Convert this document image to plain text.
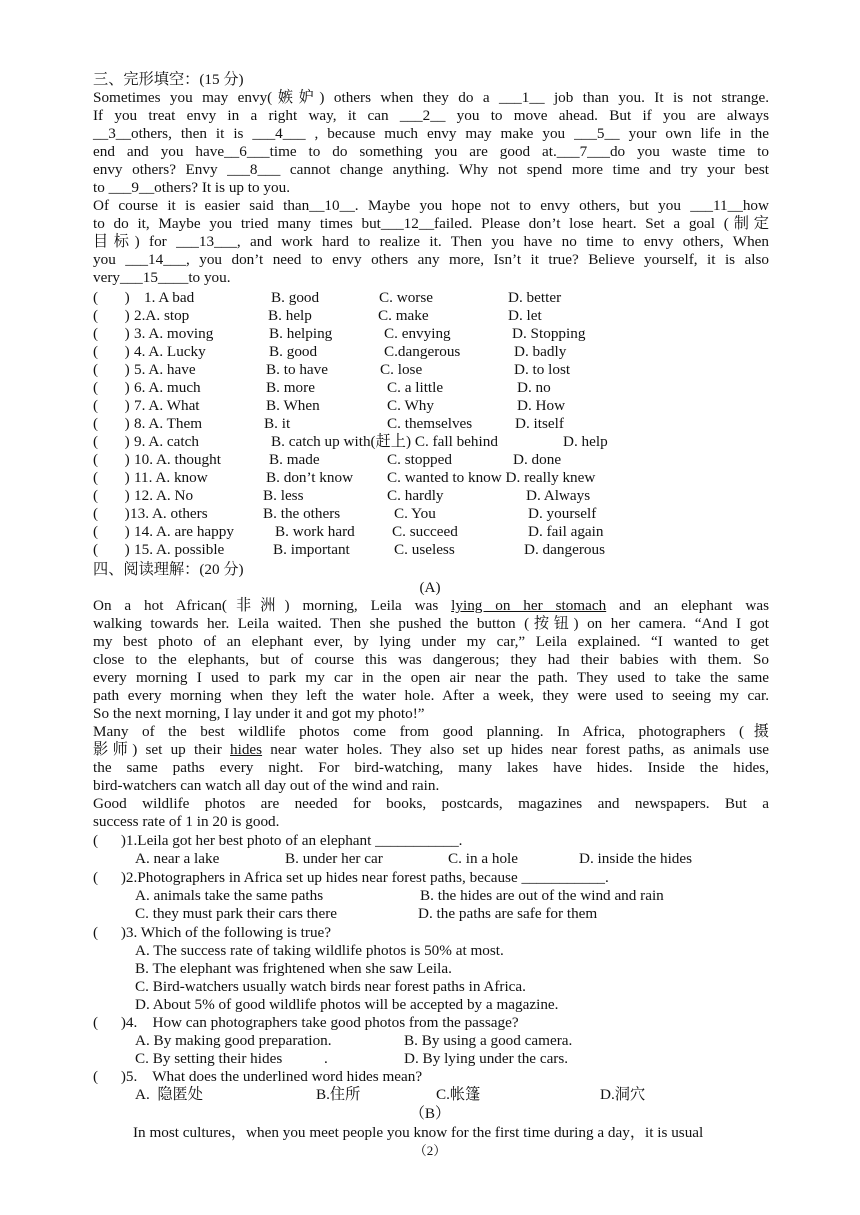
三、完形填空：(15 分)
Sometimes you may envy(嫉妒) others when they do a ___1__ job than you. It is not strange.
If you treat envy in a right way, it can ___2__ you to move ahead. But if you are always
__3__others, then it is ___4___ , because much envy may make you ___5__ your own life in the
end and you have__6___time to do something you are good at.___7___do you waste time to
envy others? Envy ___8___ cannot change anything. Why not spend more time and try your best
to ___9__others? It is up to you.
Of course it is easier said than__10__. Maybe you hope not to envy others, but you ___11__how
to do it, Maybe you tried many times but___12__failed. Please don’t lose heart. Set a goal (制定
目标) for ___13___, and work hard to realize it. Then you have no time to envy others, When
you ___14___, you don’t need to envy others any more, Isn’t it true? Believe yourself, it is also
very___15____to you.
(       ) 1. A bad	B. good	C. worse	D. better
(       ) 2.A. stop	B. help	C. make	D. let
(       ) 3. A. moving	B. helping	C. envying	D. Stopping
(       ) 4. A. Lucky	B. good	C.dangerous	D. badly
(       ) 5. A. have	B. to have	C. lose	D. to lost
(       ) 6. A. much	B. more	C. a little	D. no
(       ) 7. A. What	B. When	C. Why	D. How
(       ) 8. A. Them	B. it	C. themselves	D. itself
(       ) 9. A. catch	B. catch up with(赶上) C. fall behind	D. help
(       ) 10. A. thought	B. made	C. stopped	D. done
(       ) 11. A. know	B. don’t know C. wanted to know D. really knew
(       ) 12. A. No	B. less	C. hardly	D. Always
(       ) 13. A. others	B. the others	C. You	D. yourself
(       ) 14. A. are happy	B. work hard C. succeed	D. fail again
(       ) 15. A. possible	B. important	C. useless	D. dangerous
四、阅读理解：(20 分)
(A)
On a hot African(非洲) morning, Leila was lying on her stomach and an elephant was
walking towards her. Leila waited. Then she pushed the button (按钮) on her camera. “And I got
my best photo of an elephant ever, by lying under my car,” Leila explained. “I wanted to get
close to the elephants, but of course this was dangerous; they had their babies with them. So
every morning I used to park my car in the open air near the path. They used to take the same
path every morning when they left the water hole. After a week, they were used to seeing my car.
So the next morning, I lay under it and got my photo!”
Many of the best wildlife photos come from good planning. In Africa, photographers (摄
影师) set up their hides near water holes. They also set up hides near forest paths, as animals use
the same paths every night. For bird-watching, many lakes have hides. Inside the hides,
bird-watchers can watch all day out of the wind and rain.
Good wildlife photos are needed for books, postcards, magazines and newspapers. But a
success rate of 1 in 20 is good.
(      )1.Leila got her best photo of an elephant ___________.
A. near a lake	B. under her car	C. in a hole	D. inside the hides
(      )2.Photographers in Africa set up hides near forest paths, because ___________.
A. animals take the same paths	B. the hides are out of the wind and rain
C. they must park their cars there	D. the paths are safe for them
(      )3. Which of the following is true?
A. The success rate of taking wildlife photos is 50% at most.
B. The elephant was frightened when she saw Leila.
C. Bird-watchers usually watch birds near forest paths in Africa.
D. About 5% of good wildlife photos will be accepted by a magazine.
(      )4.    How can photographers take good photos from the passage?
A. By making good preparation.	B. By using a good camera.
C. By setting their hides           .	D. By lying under the cars.
(      )5.    What does the underlined word hides mean?
A.  隐匿处	B.住所	C.帐篷	D.洞穴
（B）
In most cultures，when you meet people you know for the first time during a day，it is usual
（2）
